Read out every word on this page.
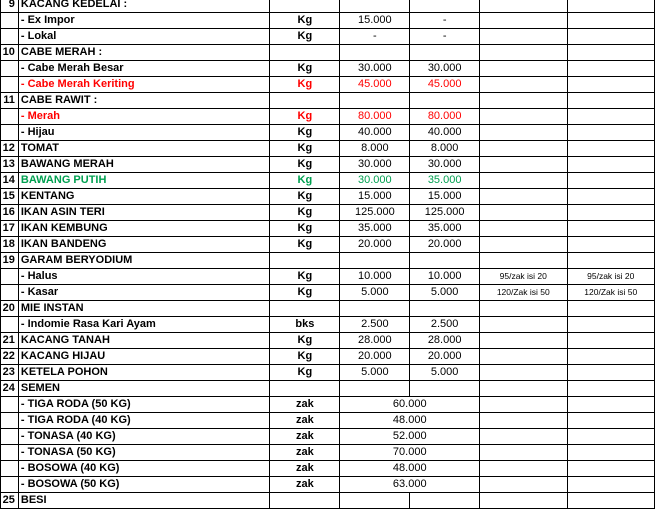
9	KACANG KEDELAI :					
	- Ex Impor	Kg	15.000	-		
	- Lokal	Kg	-	-		
10	CABE MERAH :					
	- Cabe Merah Besar	Kg	30.000	30.000		
	- Cabe Merah Keriting	Kg	45.000	45.000		
11	CABE RAWIT :					
	- Merah	Kg	80.000	80.000		
	- Hijau	Kg	40.000	40.000		
12	TOMAT	Kg	8.000	8.000		
13	BAWANG MERAH	Kg	30.000	30.000		
14	BAWANG PUTIH	Kg	30.000	35.000		
15	KENTANG	Kg	15.000	15.000		
16	IKAN ASIN TERI	Kg	125.000	125.000		
17	IKAN KEMBUNG	Kg	35.000	35.000		
18	IKAN BANDENG	Kg	20.000	20.000		
19	GARAM BERYODIUM					
	- Halus	Kg	10.000	10.000	95/zak isi 20	95/zak isi 20
	- Kasar	Kg	5.000	5.000	120/Zak isi 50	120/Zak isi 50
20	MIE INSTAN					
	- Indomie Rasa Kari Ayam	bks	2.500	2.500		
21	KACANG TANAH	Kg	28.000	28.000		
22	KACANG HIJAU	Kg	20.000	20.000		
23	KETELA POHON	Kg	5.000	5.000		
24	SEMEN					
	- TIGA RODA (50 KG)	zak	60.000			
	- TIGA RODA (40 KG)	zak	48.000			
	- TONASA (40 KG)	zak	52.000			
	- TONASA (50 KG)	zak	70.000			
	- BOSOWA (40 KG)	zak	48.000			
	- BOSOWA (50 KG)	zak	63.000			
25	BESI					
